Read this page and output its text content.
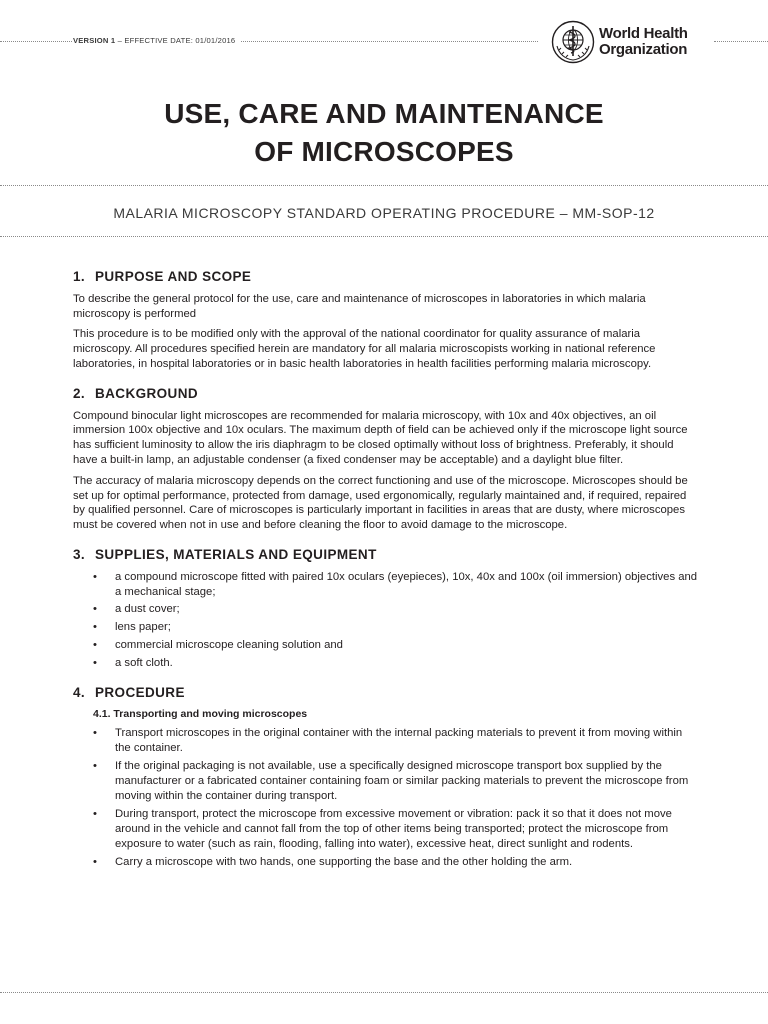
VERSION 1 – EFFECTIVE DATE: 01/01/2016	World Health
Organization
USE, CARE AND MAINTENANCE
OF MICROSCOPES
MALARIA MICROSCOPY STANDARD OPERATING PROCEDURE – MM-SOP-12
1. PURPOSE AND SCOPE

To describe the general protocol for the use, care and maintenance of microscopes in laboratories in which malaria microscopy is performed

This procedure is to be modified only with the approval of the national coordinator for quality assurance of malaria microscopy. All procedures specified herein are mandatory for all malaria microscopists working in national reference laboratories, in hospital laboratories or in basic health laboratories in health facilities performing malaria microscopy.

2. BACKGROUND

Compound binocular light microscopes are recommended for malaria microscopy, with 10x and 40x objectives, an oil immersion 100x objective and 10x oculars. The maximum depth of field can be achieved only if the microscope light source has sufficient luminosity to allow the iris diaphragm to be closed optimally without loss of brightness. Preferably, it should have a built-in lamp, an adjustable condenser (a fixed condenser may be acceptable) and a daylight blue filter.

The accuracy of malaria microscopy depends on the correct functioning and use of the microscope. Microscopes should be set up for optimal performance, protected from damage, used ergonomically, regularly maintained and, if required, repaired by qualified personnel. Care of microscopes is particularly important in facilities in areas that are dusty, where microscopes must be covered when not in use and before cleaning the floor to avoid damage to the microscope.

3. SUPPLIES, MATERIALS AND EQUIPMENT
• a compound microscope fitted with paired 10x oculars (eyepieces), 10x, 40x and 100x (oil immersion) objectives and a mechanical stage;
• a dust cover;
• lens paper;
• commercial microscope cleaning solution and
• a soft cloth.
4. PROCEDURE
4.1. Transporting and moving microscopes
• Transport microscopes in the original container with the internal packing materials to prevent it from moving within the container.
• If the original packaging is not available, use a specifically designed microscope transport box supplied by the manufacturer or a fabricated container containing foam or similar packing materials to prevent the microscope from moving within the container during transport.
• During transport, protect the microscope from excessive movement or vibration: pack it so that it does not move around in the vehicle and cannot fall from the top of other items being transported; protect the microscope from exposure to water (such as rain, flooding, falling into water), excessive heat, direct sunlight and rodents.
• Carry a microscope with two hands, one supporting the base and the other holding the arm.
